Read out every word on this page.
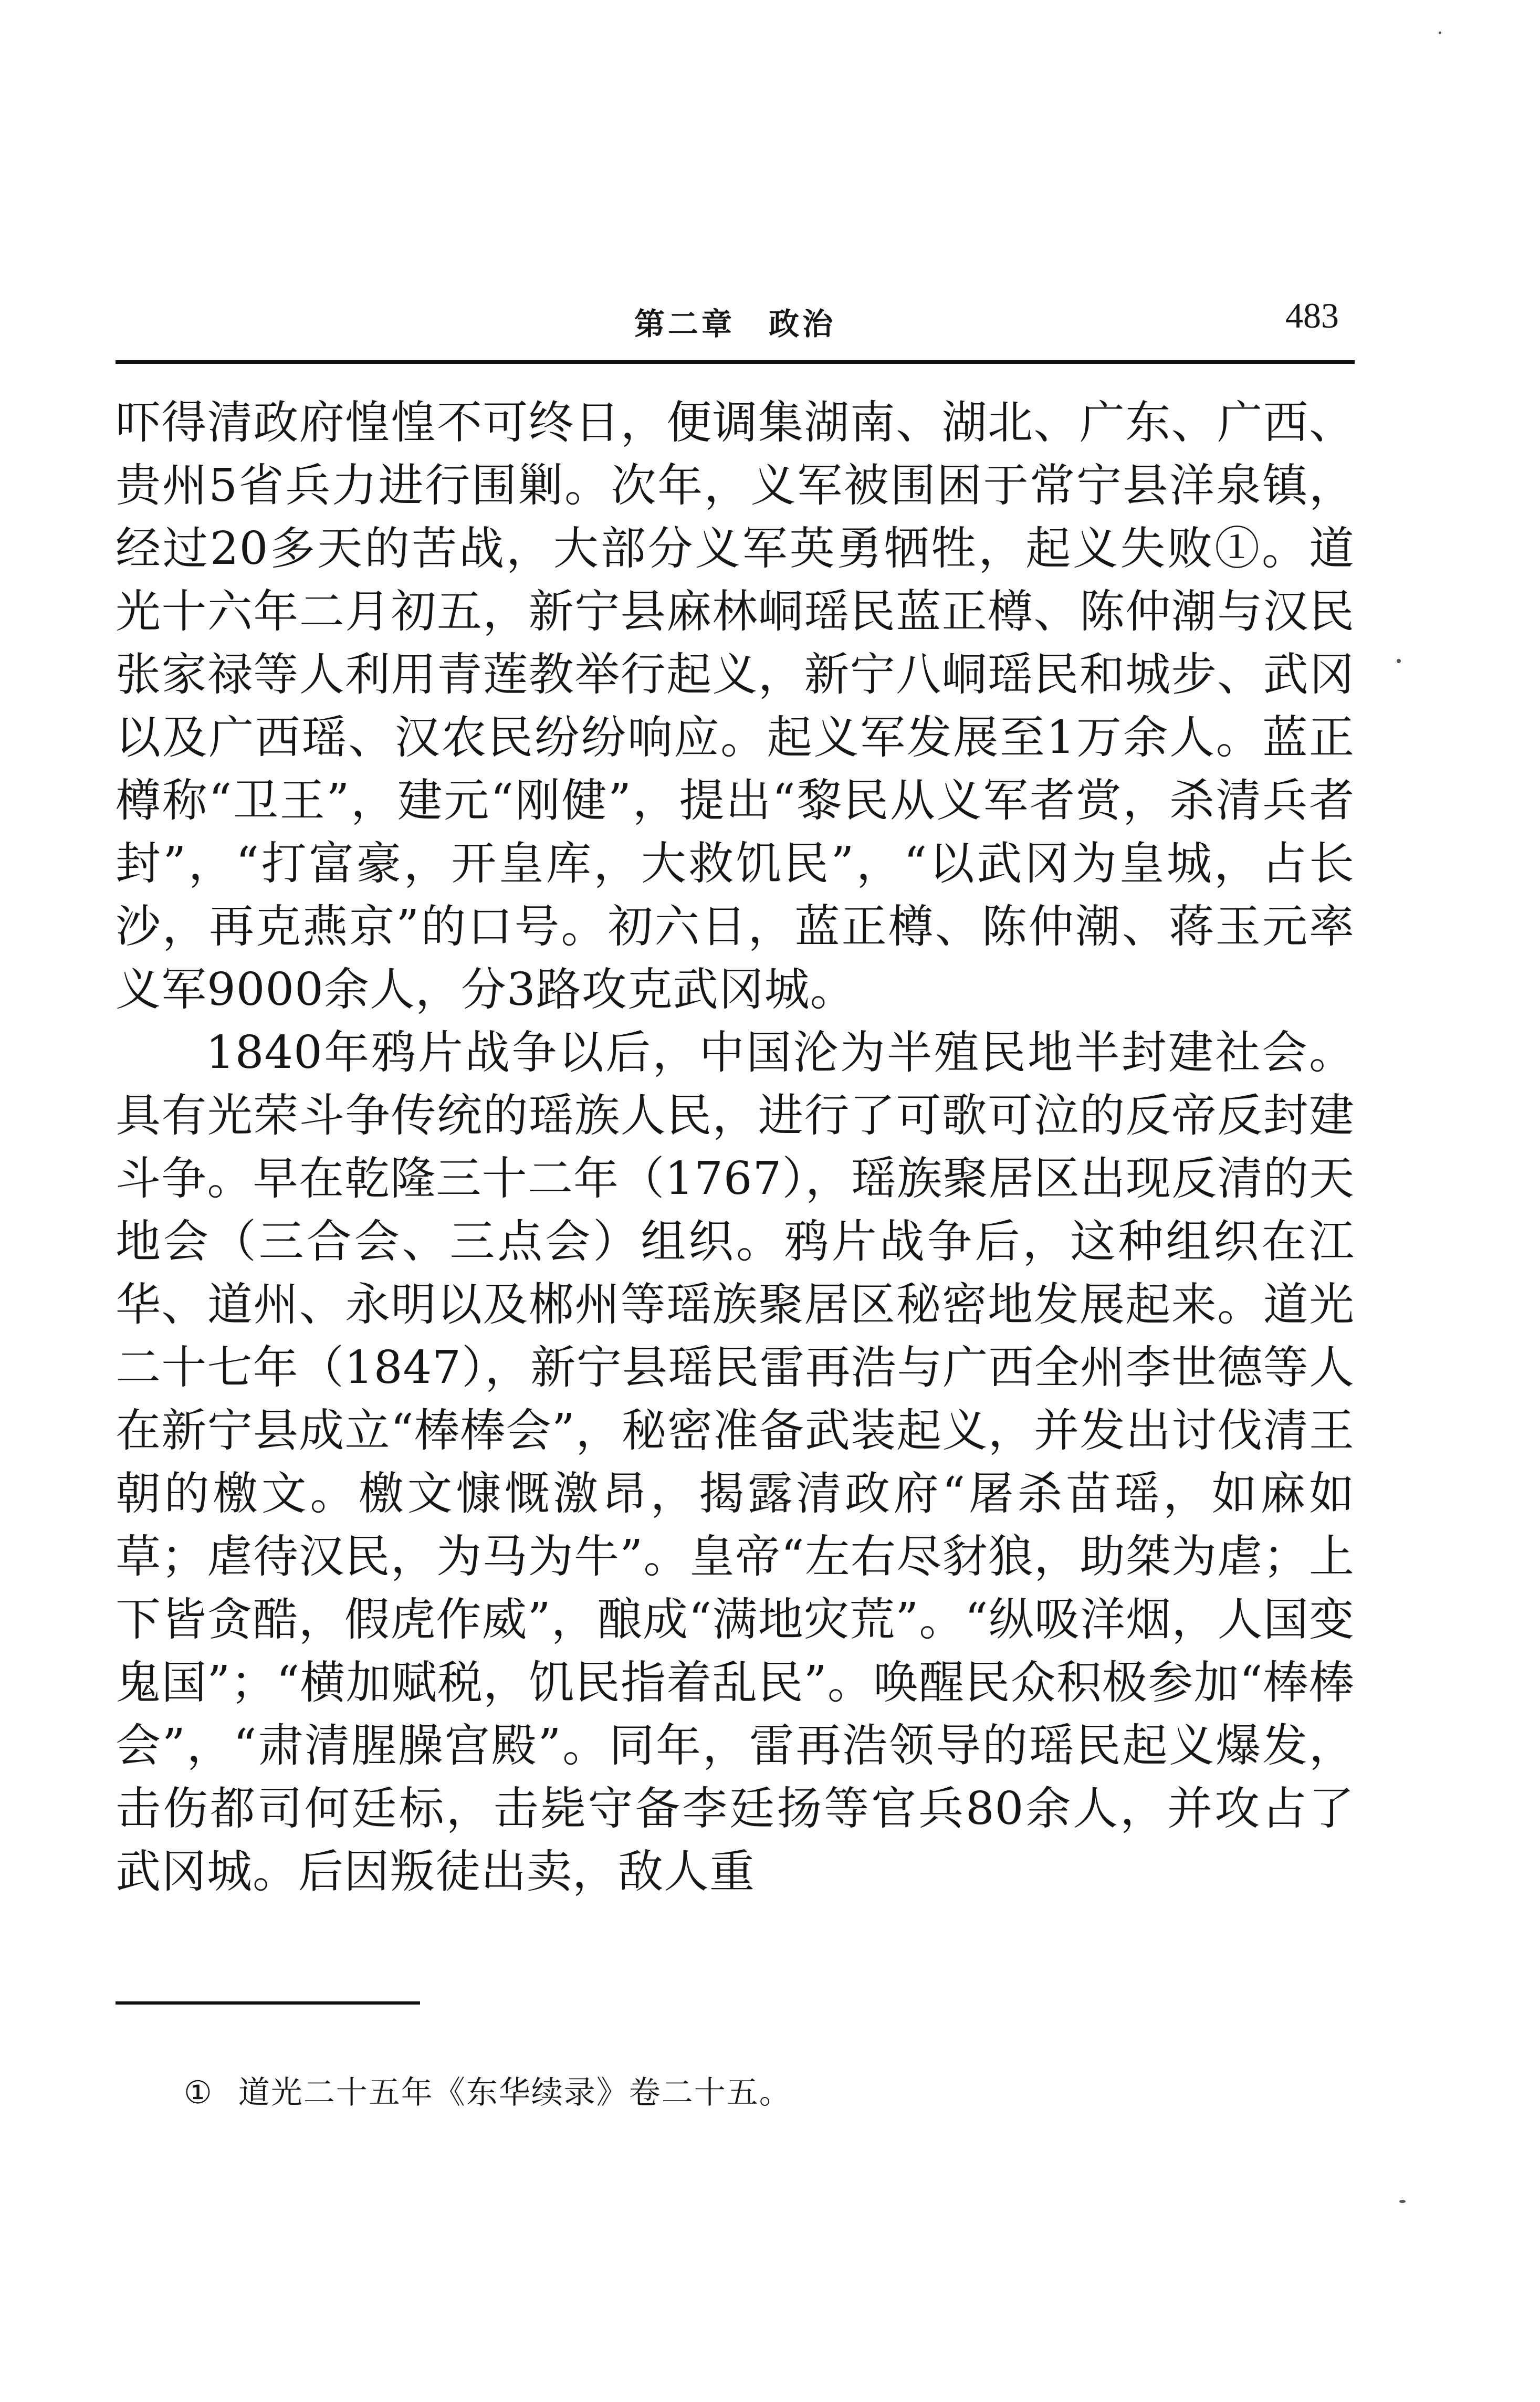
第二章　政治	483

吓得清政府惶惶不可终日，便调集湖南、湖北、广东、广西、贵州5省兵力进行围剿。次年，义军被围困于常宁县洋泉镇，经过20多天的苦战，大部分义军英勇牺牲，起义失败①。道光十六年二月初五，新宁县麻林峒瑶民蓝正樽、陈仲潮与汉民张家禄等人利用青莲教举行起义，新宁八峒瑶民和城步、武冈以及广西瑶、汉农民纷纷响应。起义军发展至1万余人。蓝正樽称“卫王”，建元“刚健”，提出“黎民从义军者赏，杀清兵者封”，“打富豪，开皇库，大救饥民”，“以武冈为皇城，占长沙，再克燕京”的口号。初六日，蓝正樽、陈仲潮、蒋玉元率义军9000余人，分3路攻克武冈城。

1840年鸦片战争以后，中国沦为半殖民地半封建社会。具有光荣斗争传统的瑶族人民，进行了可歌可泣的反帝反封建斗争。早在乾隆三十二年（1767），瑶族聚居区出现反清的天地会（三合会、三点会）组织。鸦片战争后，这种组织在江华、道州、永明以及郴州等瑶族聚居区秘密地发展起来。道光二十七年（1847），新宁县瑶民雷再浩与广西全州李世德等人在新宁县成立“棒棒会”，秘密准备武装起义，并发出讨伐清王朝的檄文。檄文慷慨激昂，揭露清政府“屠杀苗瑶，如麻如草；虐待汉民，为马为牛”。皇帝“左右尽豺狼，助桀为虐；上下皆贪酷，假虎作威”，酿成“满地灾荒”。“纵吸洋烟，人国变鬼国”；“横加赋税，饥民指着乱民”。唤醒民众积极参加“棒棒会”，“肃清腥臊宫殿”。同年，雷再浩领导的瑶民起义爆发，击伤都司何廷标，击毙守备李廷扬等官兵80余人，并攻占了武冈城。后因叛徒出卖，敌人重

① 道光二十五年《东华续录》卷二十五。
